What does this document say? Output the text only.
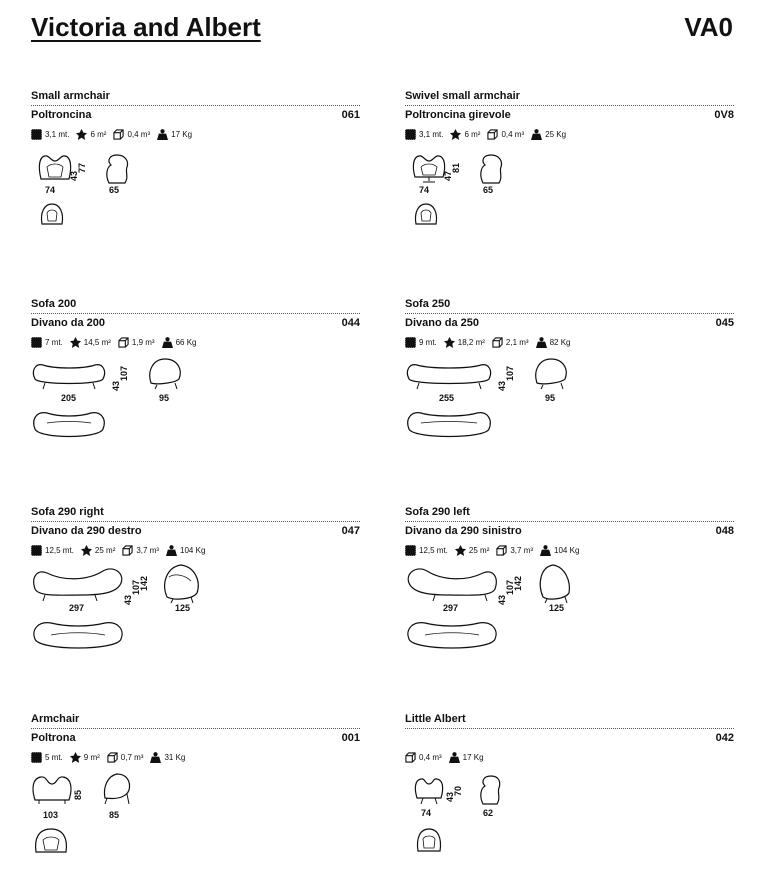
Victoria and Albert	VA0
Small armchair
Poltroncina	061
3,1 mt.	6 m²	0,4 m³	17 Kg
74
43
77
65
Swivel small armchair
Poltroncina girevole	0V8
3,1 mt.	6 m²	0,4 m³	25 Kg
74
47
81
65
Sofa 200
Divano da 200	044
7 mt.	14,5 m²	1,9 m³	66 Kg
205
43
107
95
Sofa 250
Divano da 250	045
9 mt.	18,2 m²	2,1 m³	82 Kg
255
43
107
95
Sofa 290 right
Divano da 290 destro	047
12,5 mt.	25 m²	3,7 m³	104 Kg
297
43
107
142
125
Sofa 290 left
Divano da 290 sinistro	048
12,5 mt.	25 m²	3,7 m³	104 Kg
297
43
107
142
125
Armchair
Poltrona	001
5 mt.	9 m²	0,7 m³	31 Kg
103
85
85
Little Albert
042
0,4 m³	17 Kg
74
43
70
62
